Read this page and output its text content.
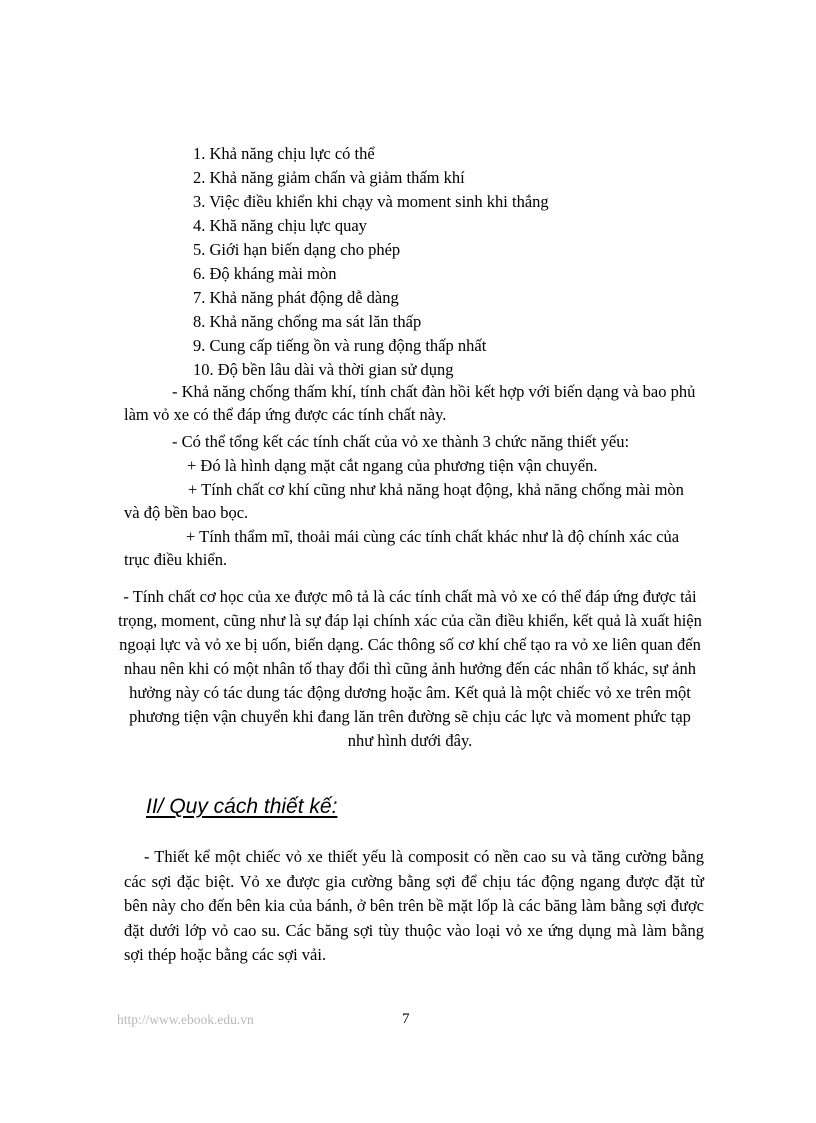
1. Khả năng chịu lực có thể
2. Khả năng giảm chấn và giảm thấm khí
3. Việc điều khiển khi chạy và moment sinh khi thắng
4. Khă năng chịu lực quay
5. Giới hạn biến dạng cho phép
6. Độ kháng mài mòn
7. Khả năng phát động dễ dàng
8. Khả năng chống ma sát lăn thấp
9. Cung cấp tiếng ồn và rung động thấp nhất
10. Độ bền lâu dài và thời gian sử dụng

- Khả năng chống thấm khí, tính chất đàn hồi kết hợp với biến dạng và bao phủ làm vỏ xe có thể đáp ứng được các tính chất này.

- Có thể tổng kết các tính chất của vỏ xe thành 3 chức năng thiết yếu:

+ Đó là hình dạng mặt cắt ngang của phương tiện vận chuyển.

+ Tính chất cơ khí cũng như khả năng hoạt động, khả năng chống mài mòn và độ bền bao bọc.

+ Tính thẩm mĩ, thoải mái cùng các tính chất khác như là độ chính xác của trục điều khiển.

- Tính chất cơ học của xe được mô tả là các tính chất mà vỏ xe có thể đáp ứng được tải trọng, moment, cũng như là sự đáp lại chính xác của cần điều khiển, kết quả là xuất hiện ngoại lực và vỏ xe bị uốn, biến dạng. Các thông số cơ khí chế tạo ra vỏ xe liên quan đến nhau nên khi có một nhân tố thay đổi thì cũng ảnh hưởng đến các nhân tố khác, sự ảnh hưởng này có tác dung tác động dương hoặc âm. Kết quả là một chiếc vỏ xe trên một phương tiện vận chuyển khi đang lăn trên đường sẽ chịu các lực và moment phức tạp như hình dưới đây.

II/ Quy cách thiết kế:

- Thiết kể một chiếc vỏ xe thiết yếu là composit có nền cao su và tăng cường bằng các sợi đặc biệt. Vỏ xe được gia cường bằng sợi để chịu tác động ngang được đặt từ bên này cho đến bên kia của bánh, ở bên trên bề mặt lốp là các băng làm bằng sợi được đặt dưới lớp vỏ cao su. Các băng sợi tùy thuộc vào loại vỏ xe ứng dụng mà làm bằng sợi thép hoặc bằng các sợi vải.

http://www.ebook.edu.vn	7
